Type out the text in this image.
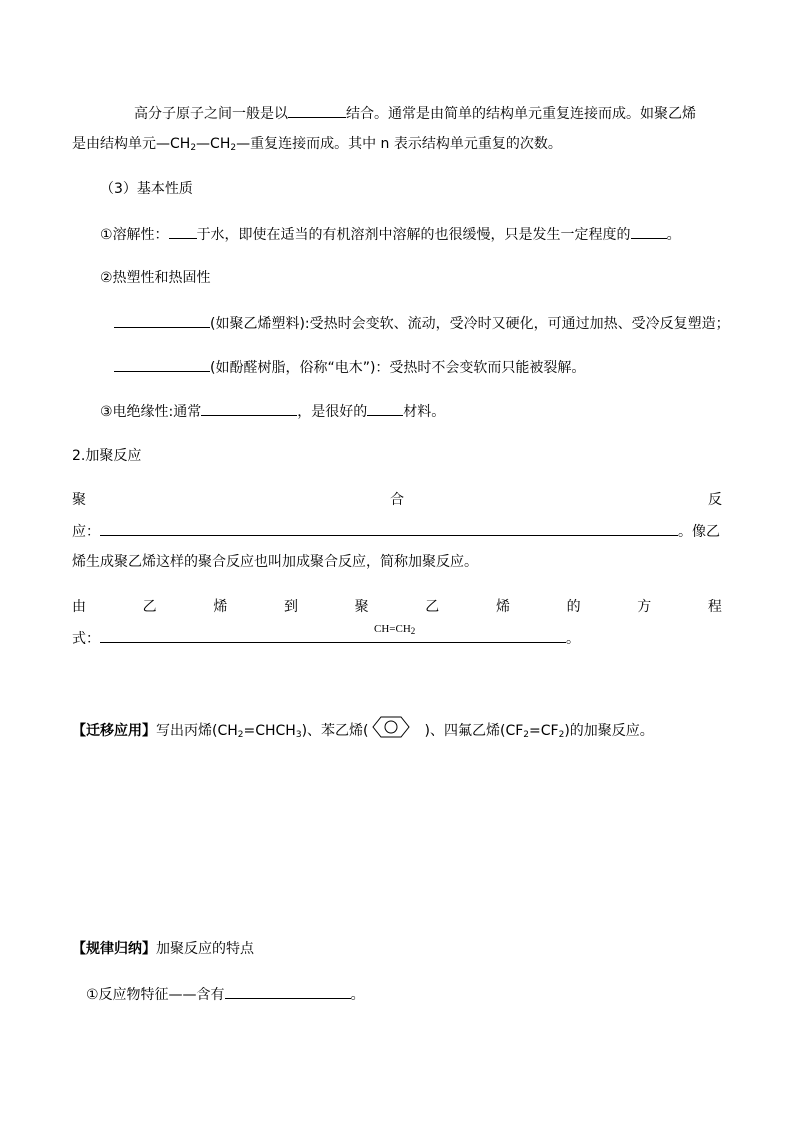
高分子原子之间一般是以	结合。通常是由简单的结构单元重复连接而成。如聚乙烯
是由结构单元$—CH_2—CH_2—$重复连接而成。其中 n 表示结构单元重复的次数。
（3）基本性质
①溶解性： 于水，即使在适当的有机溶剂中溶解的也很缓慢，只是发生一定程度的	。
②热塑性和热固性
(如聚乙烯塑料):受热时会变软、流动，受冷时又硬化，可通过加热、受冷反复塑造；
(如酚醛树脂，俗称“电木”)：受热时不会变软而只能被裂解。
③电绝缘性:通常	，是很好的	材料。
2.加聚反应
聚	合	反
应：	。像乙
烯生成聚乙烯这样的聚合反应也叫加成聚合反应，简称加聚反应。
由	乙	烯	到	聚	乙	烯	的	方	程
$CH=CH_2$
式：	。
【迁移应用】写出丙烯$(CH_2=CHCH_3)$、苯乙烯(	)、四氟乙烯$(CF_2=CF_2)$的加聚反应。
【规律归纳】加聚反应的特点
①反应物特征——含有	。
